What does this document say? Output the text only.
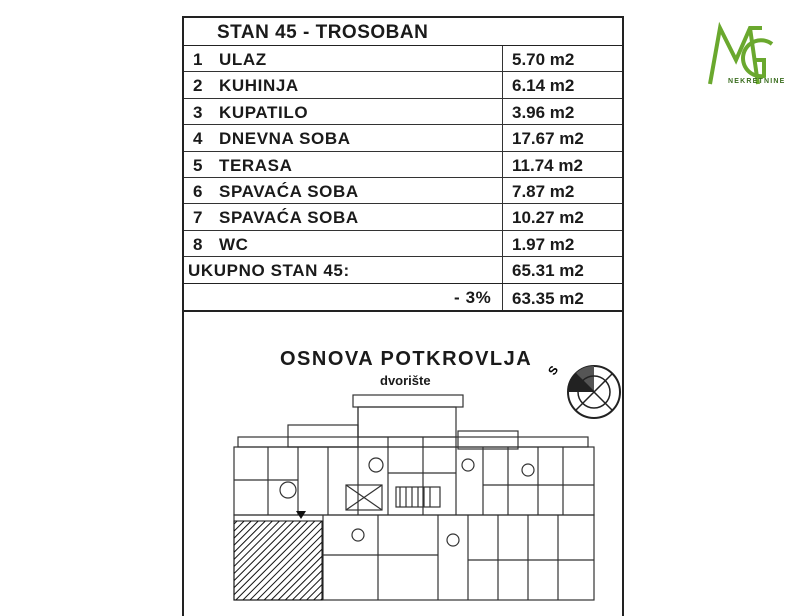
STAN 45 - TROSOBAN
1 ULAZ	5.70 m2
2 KUHINJA	6.14 m2
3 KUPATILO	3.96 m2
4 DNEVNA SOBA	17.67 m2
5 TERASA	11.74 m2
6 SPAVAĆA SOBA	7.87 m2
7 SPAVAĆA SOBA	10.27 m2
8 WC	1.97 m2
UKUPNO STAN 45:	65.31 m2
- 3%	63.35 m2
OSNOVA POTKROVLJA
dvorište
S
NEKRETNINE
